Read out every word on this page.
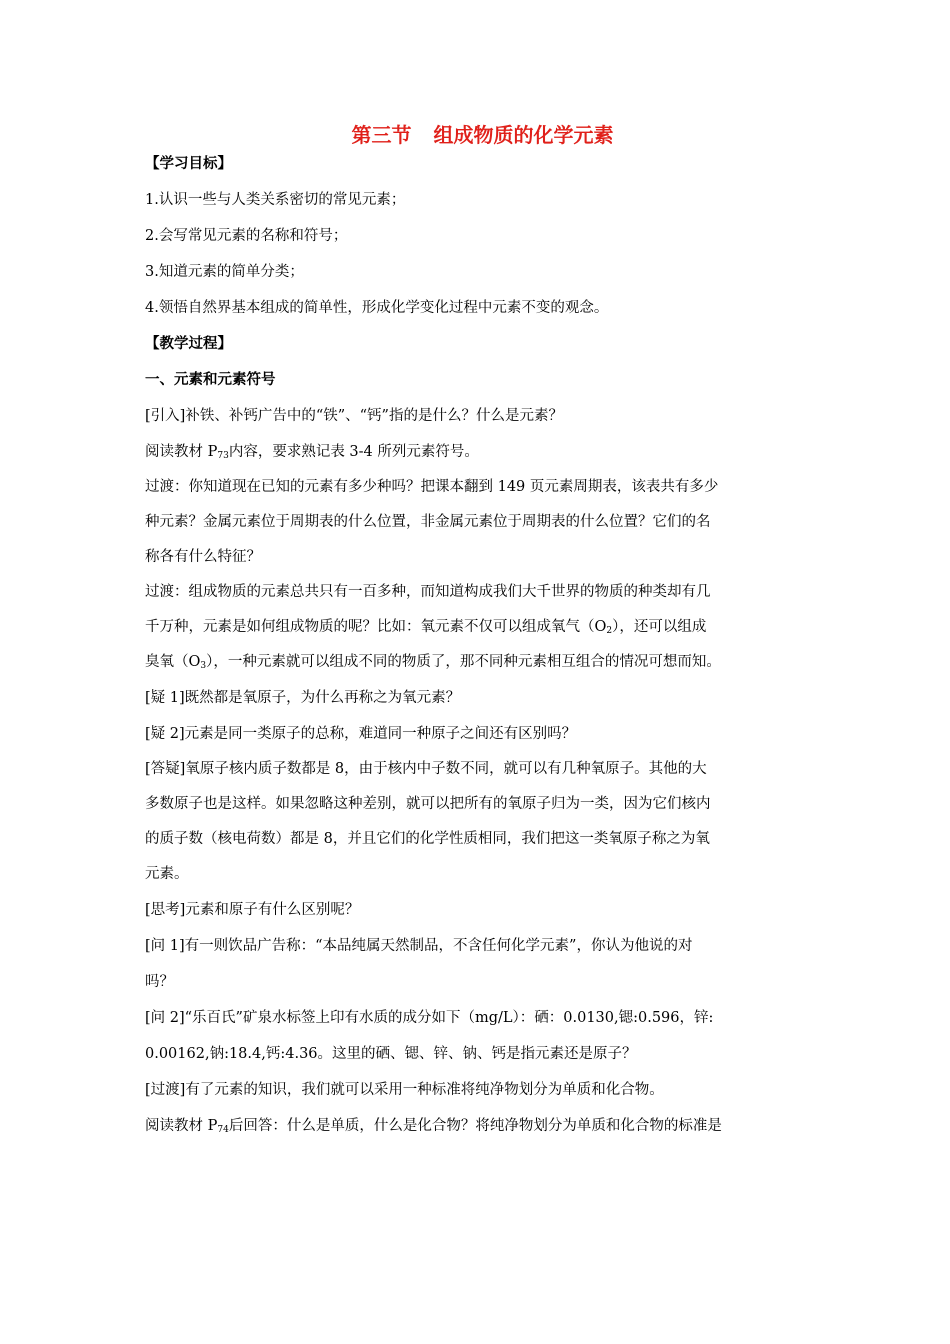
第三节 组成物质的化学元素
【学习目标】

1.认识一些与人类关系密切的常见元素；

2.会写常见元素的名称和符号；

3.知道元素的简单分类；

4.领悟自然界基本组成的简单性，形成化学变化过程中元素不变的观念。

【教学过程】
一、元素和元素符号

[引入]补铁、补钙广告中的“铁”、“钙”指的是什么？什么是元素？

阅读教材 $P_{73}$内容，要求熟记表 3-4 所列元素符号。

过渡：你知道现在已知的元素有多少种吗？把课本翻到 149 页元素周期表，该表共有多少

种元素？金属元素位于周期表的什么位置，非金属元素位于周期表的什么位置？它们的名

称各有什么特征？

过渡：组成物质的元素总共只有一百多种，而知道构成我们大千世界的物质的种类却有几

千万种，元素是如何组成物质的呢？比如：氧元素不仅可以组成氧气$(O_2)$，还可以组成

臭氧$(O_3)$，一种元素就可以组成不同的物质了，那不同种元素相互组合的情况可想而知。

[疑 1]既然都是氧原子，为什么再称之为氧元素？

[疑 2]元素是同一类原子的总称，难道同一种原子之间还有区别吗？

[答疑]氧原子核内质子数都是 8，由于核内中子数不同，就可以有几种氧原子。其他的大

多数原子也是这样。如果忽略这种差别，就可以把所有的氧原子归为一类，因为它们核内

的质子数（核电荷数）都是 8，并且它们的化学性质相同，我们把这一类氧原子称之为氧

元素。

[思考]元素和原子有什么区别呢？

[问 1]有一则饮品广告称：“本品纯属天然制品，不含任何化学元素”，你认为他说的对

吗？

[问 2]“乐百氏”矿泉水标签上印有水质的成分如下（mg/L）：硒：0.0130,锶:0.596，锌:

0.00162,钠:18.4,钙:4.36。这里的硒、锶、锌、钠、钙是指元素还是原子？

[过渡]有了元素的知识，我们就可以采用一种标准将纯净物划分为单质和化合物。

阅读教材 $P_{74}$后回答：什么是单质，什么是化合物？将纯净物划分为单质和化合物的标准是
